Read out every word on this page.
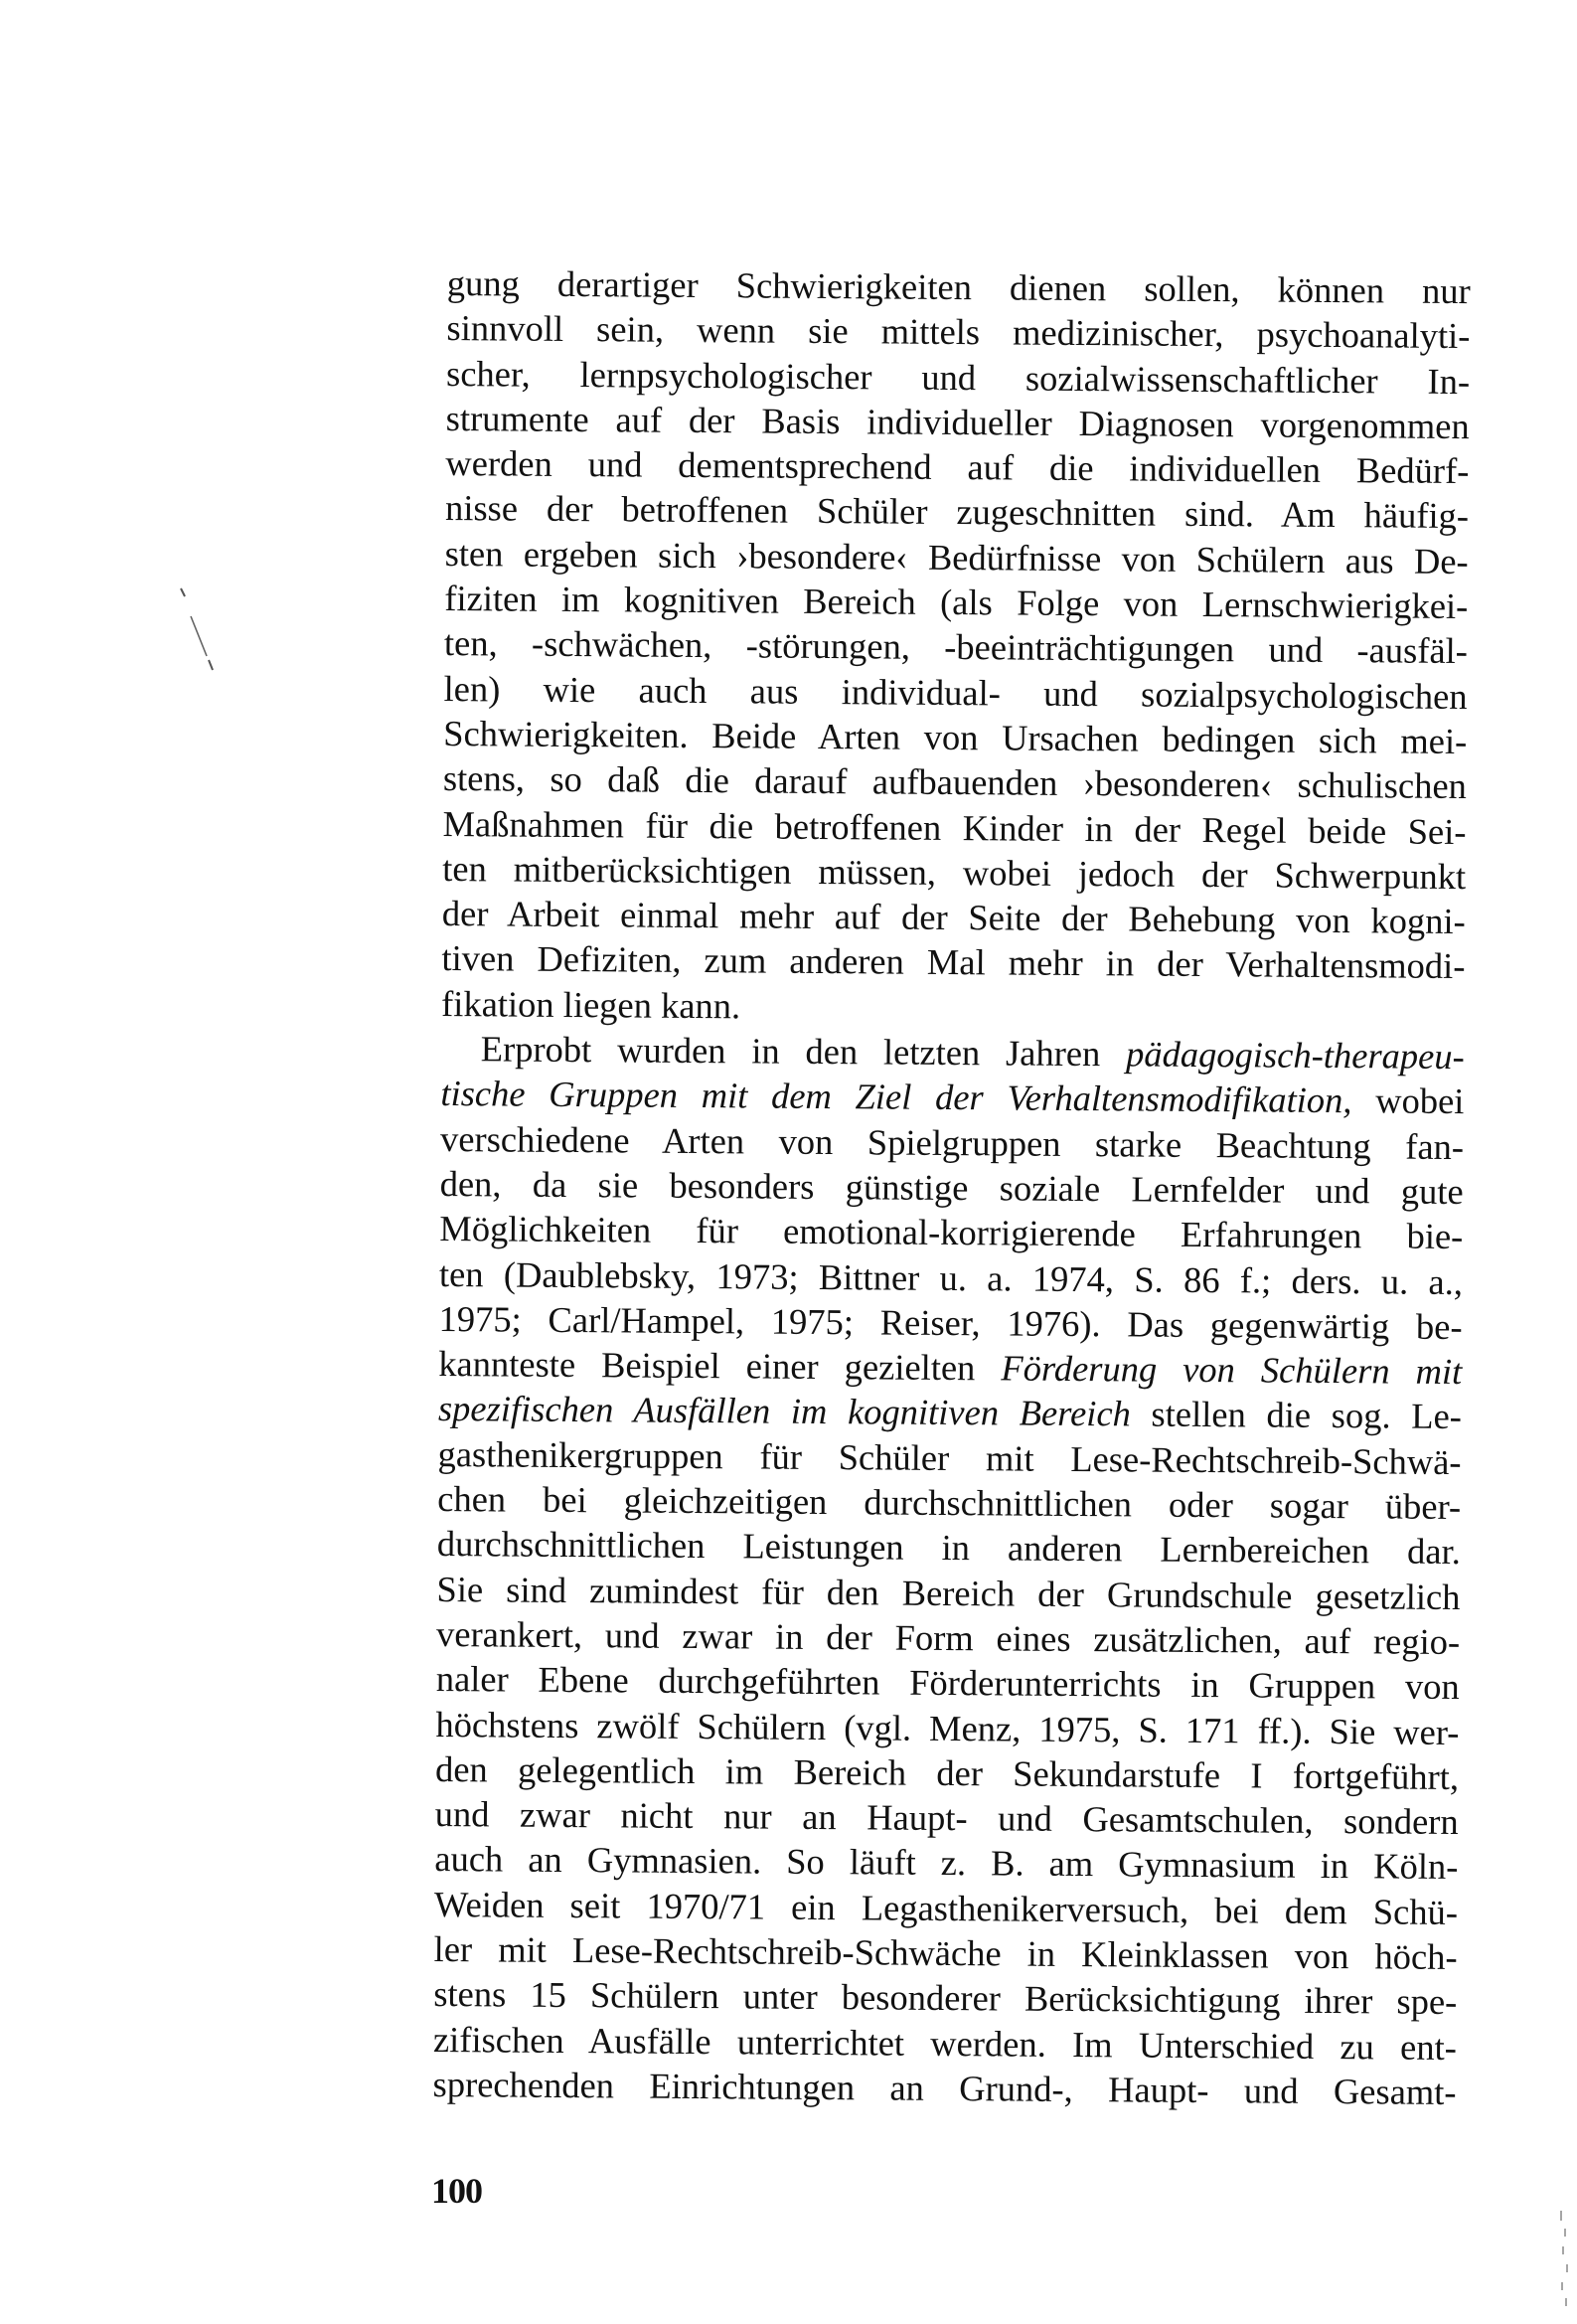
gung derartiger Schwierigkeiten dienen sollen, können nur
sinnvoll sein, wenn sie mittels medizinischer, psychoanalyti-
scher, lernpsychologischer und sozialwissenschaftlicher In-
strumente auf der Basis individueller Diagnosen vorgenommen
werden und dementsprechend auf die individuellen Bedürf-
nisse der betroffenen Schüler zugeschnitten sind. Am häufig-
sten ergeben sich ›besondere‹ Bedürfnisse von Schülern aus De-
fiziten im kognitiven Bereich (als Folge von Lernschwierigkei-
ten, -schwächen, -störungen, -beeinträchtigungen und -ausfäl-
len) wie auch aus individual- und sozialpsychologischen
Schwierigkeiten. Beide Arten von Ursachen bedingen sich mei-
stens, so daß die darauf aufbauenden ›besonderen‹ schulischen
Maßnahmen für die betroffenen Kinder in der Regel beide Sei-
ten mitberücksichtigen müssen, wobei jedoch der Schwerpunkt
der Arbeit einmal mehr auf der Seite der Behebung von kogni-
tiven Defiziten, zum anderen Mal mehr in der Verhaltensmodi-
fikation liegen kann.
Erprobt wurden in den letzten Jahren pädagogisch-therapeu-
tische Gruppen mit dem Ziel der Verhaltensmodifikation, wobei
verschiedene Arten von Spielgruppen starke Beachtung fan-
den, da sie besonders günstige soziale Lernfelder und gute
Möglichkeiten für emotional-korrigierende Erfahrungen bie-
ten (Daublebsky, 1973; Bittner u. a. 1974, S. 86 f.; ders. u. a.,
1975; Carl/Hampel, 1975; Reiser, 1976). Das gegenwärtig be-
kannteste Beispiel einer gezielten Förderung von Schülern mit
spezifischen Ausfällen im kognitiven Bereich stellen die sog. Le-
gasthenikergruppen für Schüler mit Lese-Rechtschreib-Schwä-
chen bei gleichzeitigen durchschnittlichen oder sogar über-
durchschnittlichen Leistungen in anderen Lernbereichen dar.
Sie sind zumindest für den Bereich der Grundschule gesetzlich
verankert, und zwar in der Form eines zusätzlichen, auf regio-
naler Ebene durchgeführten Förderunterrichts in Gruppen von
höchstens zwölf Schülern (vgl. Menz, 1975, S. 171 ff.). Sie wer-
den gelegentlich im Bereich der Sekundarstufe I fortgeführt,
und zwar nicht nur an Haupt- und Gesamtschulen, sondern
auch an Gymnasien. So läuft z. B. am Gymnasium in Köln-
Weiden seit 1970/71 ein Legasthenikerversuch, bei dem Schü-
ler mit Lese-Rechtschreib-Schwäche in Kleinklassen von höch-
stens 15 Schülern unter besonderer Berücksichtigung ihrer spe-
zifischen Ausfälle unterrichtet werden. Im Unterschied zu ent-
sprechenden Einrichtungen an Grund-, Haupt- und Gesamt-
100
